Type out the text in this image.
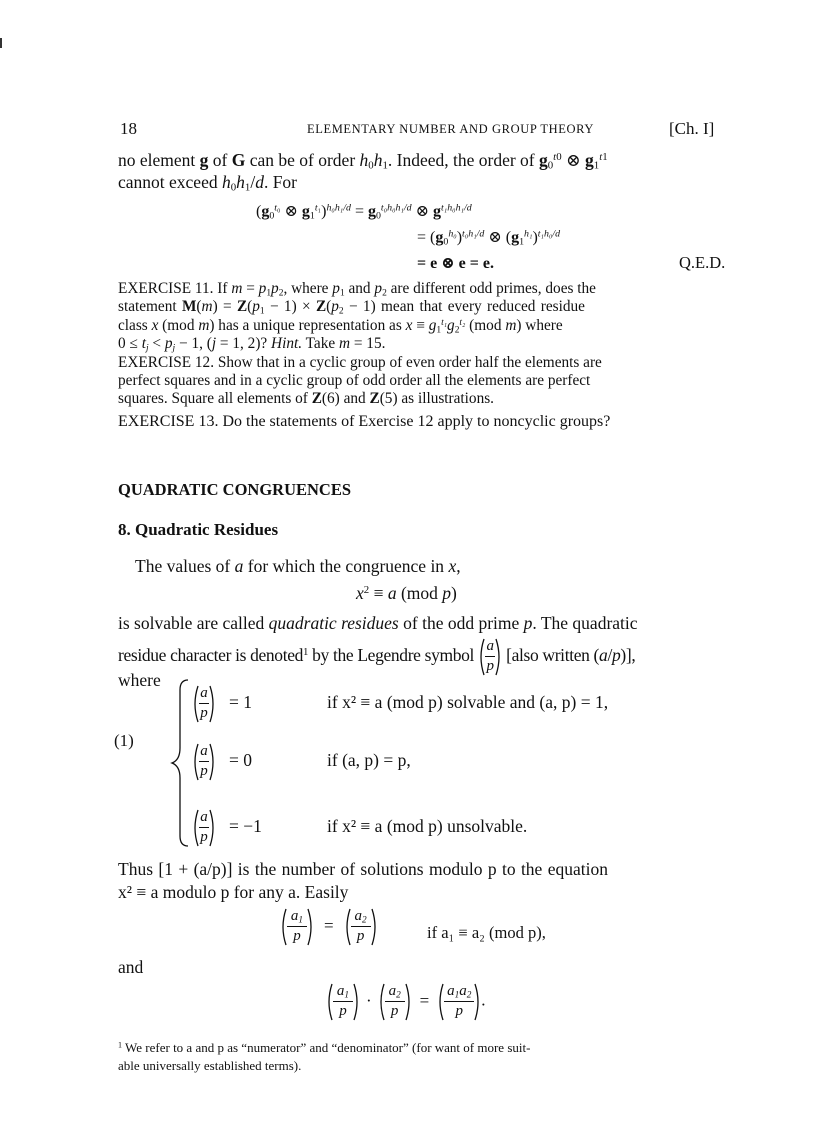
18	ELEMENTARY NUMBER AND GROUP THEORY	[Ch. I]
no element g of G can be of order $h_0h_1$. Indeed, the order of $g_0^{t0}$ ⊗ $g_1^{t1}$
cannot exceed $h_0h_1/d$. For
($g_0^{t_0}$ ⊗ $g_1^{t_1})^{h_0h_1/d} = g_0^{t_0h_0h_1/d}$ ⊗ $g^{t_1h_0h_1/d}$
= $(g_0^{h_0})^{t_0h_1/d}$ ⊗ $(g_1^{h_1})^{t_1h_0/d}$
= e ⊗ e = e.	Q.E.D.
EXERCISE 11. If $m = p_1p_2$, where $p_1$ and $p_2$ are different odd primes, does the
statement $M(m) = Z(p_1 - 1) \times Z(p_2 - 1)$ mean that every reduced residue
class x (mod m) has a unique representation as $x \equiv g_1^{t_1}g_2^{t_2}$ (mod m) where
$0 \le t_j < p_j - 1$, (j = 1, 2)? Hint. Take m = 15.
EXERCISE 12. Show that in a cyclic group of even order half the elements are
perfect squares and in a cyclic group of odd order all the elements are perfect
squares. Square all elements of Z(6) and Z(5) as illustrations.
EXERCISE 13. Do the statements of Exercise 12 apply to noncyclic groups?
QUADRATIC CONGRUENCES
8. Quadratic Residues
The values of a for which the congruence in x,
$x^2 \equiv a$ (mod p)
is solvable are called quadratic residues of the odd prime p. The quadratic
residue character is denoted$^1$ by the Legendre symbol $\frac{a}{p}$ [also written (a/p)],
where
(1)
$\frac{a}{p} = 1$	if x² ≡ a (mod p) solvable and (a, p) = 1,
$\frac{a}{p} = 0$	if (a, p) = p,
$\frac{a}{p} = -1$	if x² ≡ a (mod p) unsolvable.
Thus [1 + (a/p)] is the number of solutions modulo p to the equation
x² ≡ a modulo p for any a. Easily
$\frac{a_1}{p} = \frac{a_2}{p}$	if a₁ ≡ a₂ (mod p),
and
$\frac{a_1}{p} \cdot \frac{a_2}{p} = \frac{a_1a_2}{p}$ .
$^1$ We refer to a and p as “numerator” and “denominator” (for want of more suit-
able universally established terms).
